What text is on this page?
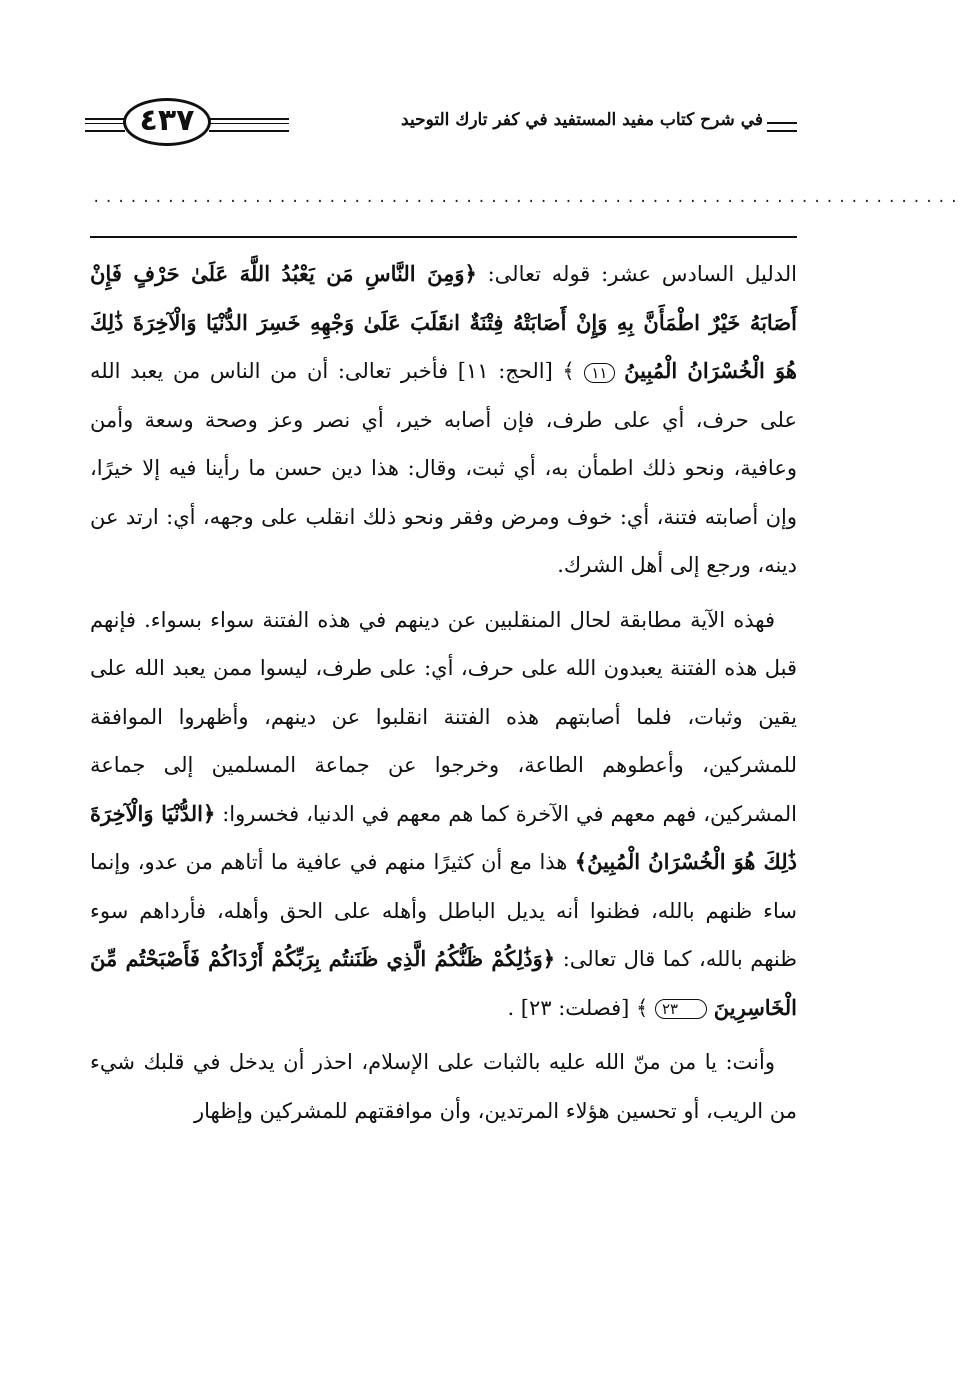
في شرح كتاب مفيد المستفيد في كفر تارك التوحيد
٤٣٧
......................................................................

الدليل السادس عشر: قوله تعالى: ﴿وَمِنَ النَّاسِ مَن يَعْبُدُ اللَّهَ عَلَىٰ حَرْفٍ فَإِنْ أَصَابَهُ خَيْرٌ اطْمَأَنَّ بِهِ وَإِنْ أَصَابَتْهُ فِتْنَةٌ انقَلَبَ عَلَىٰ وَجْهِهِ خَسِرَ الدُّنْيَا وَالْآخِرَةَ ذَٰلِكَ هُوَ الْخُسْرَانُ الْمُبِينُ ١١ ﴾ [الحج: ١١] فأخبر تعالى: أن من الناس من يعبد الله على حرف، أي على طرف، فإن أصابه خير، أي نصر وعز وصحة وسعة وأمن وعافية، ونحو ذلك اطمأن به، أي ثبت، وقال: هذا دين حسن ما رأينا فيه إلا خيرًا، وإن أصابته فتنة، أي: خوف ومرض وفقر ونحو ذلك انقلب على وجهه، أي: ارتد عن دينه، ورجع إلى أهل الشرك.

فهذه الآية مطابقة لحال المنقلبين عن دينهم في هذه الفتنة سواء بسواء. فإنهم قبل هذه الفتنة يعبدون الله على حرف، أي: على طرف، ليسوا ممن يعبد الله على يقين وثبات، فلما أصابتهم هذه الفتنة انقلبوا عن دينهم، وأظهروا الموافقة للمشركين، وأعطوهم الطاعة، وخرجوا عن جماعة المسلمين إلى جماعة المشركين، فهم معهم في الآخرة كما هم معهم في الدنيا، فخسروا: ﴿الدُّنْيَا وَالْآخِرَةَ ذَٰلِكَ هُوَ الْخُسْرَانُ الْمُبِينُ﴾ هذا مع أن كثيرًا منهم في عافية ما أتاهم من عدو، وإنما ساء ظنهم بالله، فظنوا أنه يديل الباطل وأهله على الحق وأهله، فأرداهم سوء ظنهم بالله، كما قال تعالى: ﴿وَذَٰلِكُمْ ظَنُّكُمُ الَّذِي ظَنَنتُم بِرَبِّكُمْ أَرْدَاكُمْ فَأَصْبَحْتُم مِّنَ الْخَاسِرِينَ ٢٣ ﴾ [فصلت: ٢٣] .

وأنت: يا من منّ الله عليه بالثبات على الإسلام، احذر أن يدخل في قلبك شيء من الريب، أو تحسين هؤلاء المرتدين، وأن موافقتهم للمشركين وإظهار
